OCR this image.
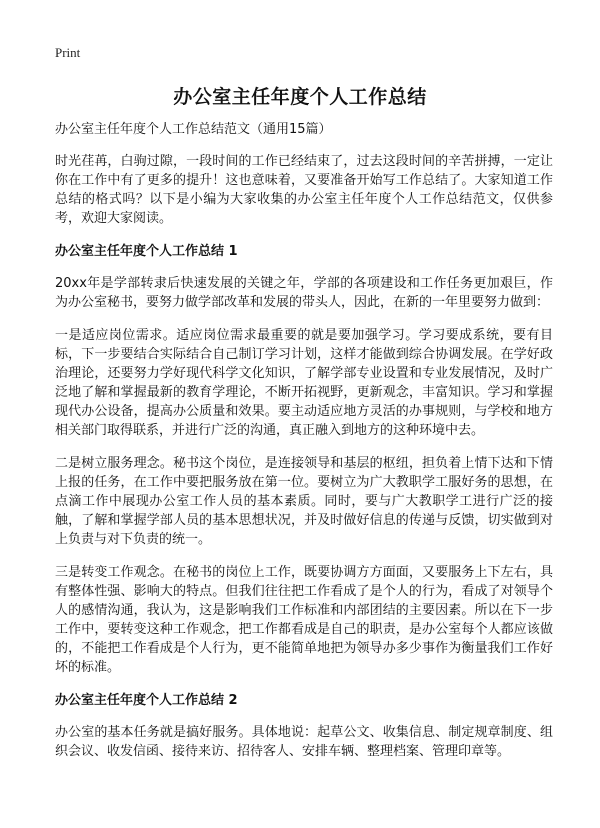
Print
办公室主任年度个人工作总结

办公室主任年度个人工作总结范文（通用15篇）

时光荏苒，白驹过隙，一段时间的工作已经结束了，过去这段时间的辛苦拼搏，一定让你在工作中有了更多的提升！这也意味着，又要准备开始写工作总结了。大家知道工作总结的格式吗？以下是小编为大家收集的办公室主任年度个人工作总结范文，仅供参考，欢迎大家阅读。

办公室主任年度个人工作总结 1

20xx年是学部转隶后快速发展的关键之年，学部的各项建设和工作任务更加艰巨，作为办公室秘书，要努力做学部改革和发展的带头人，因此，在新的一年里要努力做到：

一是适应岗位需求。适应岗位需求最重要的就是要加强学习。学习要成系统，要有目标，下一步要结合实际结合自己制订学习计划，这样才能做到综合协调发展。在学好政治理论，还要努力学好现代科学文化知识，了解学部专业设置和专业发展情况，及时广泛地了解和掌握最新的教育学理论，不断开拓视野，更新观念，丰富知识。学习和掌握现代办公设备，提高办公质量和效果。要主动适应地方灵活的办事规则，与学校和地方相关部门取得联系，并进行广泛的沟通，真正融入到地方的这种环境中去。

二是树立服务理念。秘书这个岗位，是连接领导和基层的枢纽，担负着上情下达和下情上报的任务，在工作中要把服务放在第一位。要树立为广大教职学工服好务的思想，在点滴工作中展现办公室工作人员的基本素质。同时，要与广大教职学工进行广泛的接触，了解和掌握学部人员的基本思想状况，并及时做好信息的传递与反馈，切实做到对上负责与对下负责的统一。

三是转变工作观念。在秘书的岗位上工作，既要协调方方面面，又要服务上下左右，具有整体性强、影响大的特点。但我们往往把工作看成了是个人的行为，看成了对领导个人的感情沟通，我认为，这是影响我们工作标准和内部团结的主要因素。所以在下一步工作中，要转变这种工作观念，把工作都看成是自己的职责，是办公室每个人都应该做的，不能把工作看成是个人行为，更不能简单地把为领导办多少事作为衡量我们工作好坏的标准。

办公室主任年度个人工作总结 2

办公室的基本任务就是搞好服务。具体地说：起草公文、收集信息、制定规章制度、组织会议、收发信函、接待来访、招待客人、安排车辆、整理档案、管理印章等。
